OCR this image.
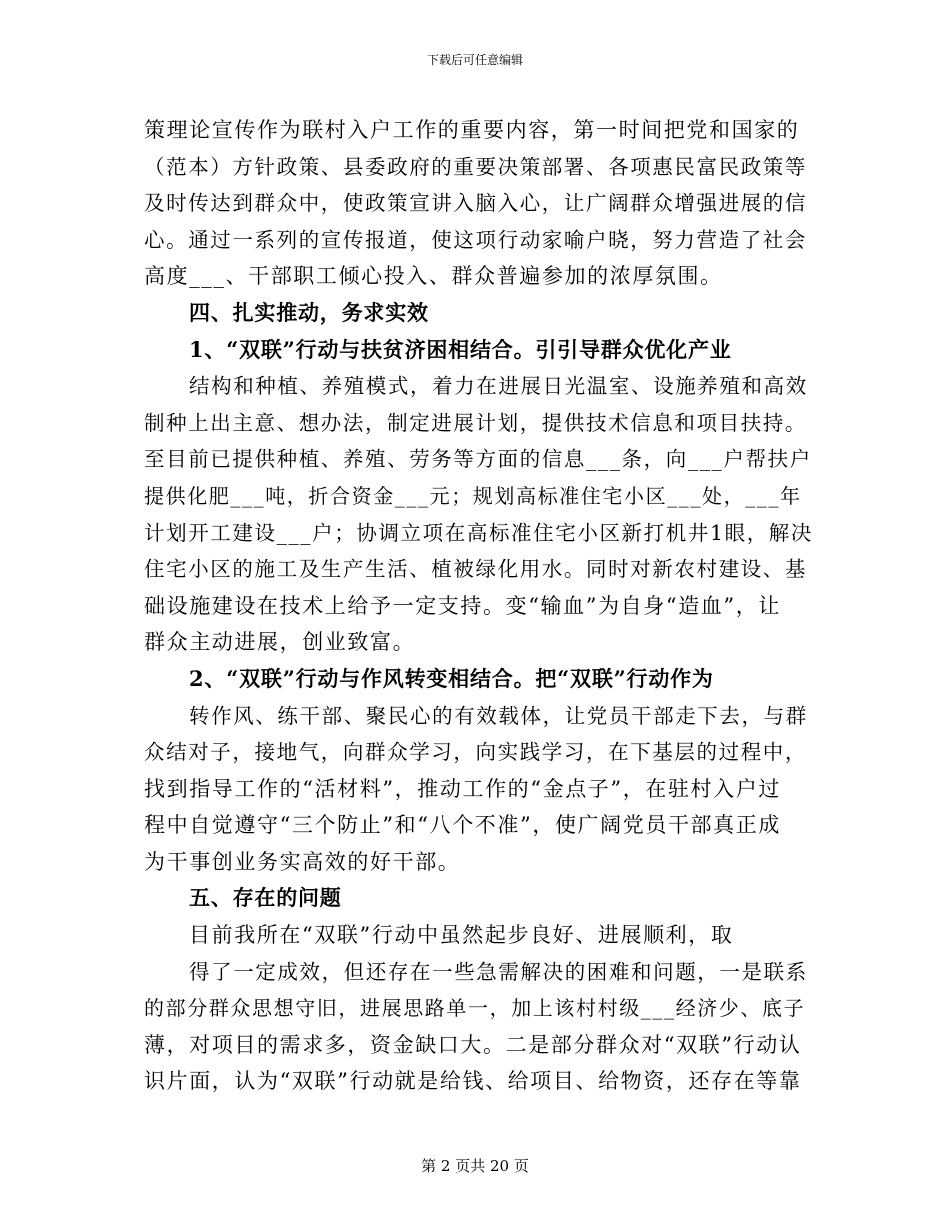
下载后可任意编辑
策理论宣传作为联村入户工作的重要内容，第一时间把党和国家的
（范本）方针政策、县委政府的重要决策部署、各项惠民富民政策等
及时传达到群众中，使政策宣讲入脑入心，让广阔群众增强进展的信
心。通过一系列的宣传报道，使这项行动家喻户晓，努力营造了社会
高度___、干部职工倾心投入、群众普遍参加的浓厚氛围。
四、扎实推动，务求实效
1、“双联”行动与扶贫济困相结合。引引导群众优化产业
结构和种植、养殖模式，着力在进展日光温室、设施养殖和高效
制种上出主意、想办法，制定进展计划，提供技术信息和项目扶持。
至目前已提供种植、养殖、劳务等方面的信息___条，向___户帮扶户
提供化肥___吨，折合资金___元；规划高标准住宅小区___处，___年
计划开工建设___户；协调立项在高标准住宅小区新打机井1眼，解决
住宅小区的施工及生产生活、植被绿化用水。同时对新农村建设、基
础设施建设在技术上给予一定支持。变“输血”为自身“造血”，让
群众主动进展，创业致富。
2、“双联”行动与作风转变相结合。把“双联”行动作为
转作风、练干部、聚民心的有效载体，让党员干部走下去，与群
众结对子，接地气，向群众学习，向实践学习，在下基层的过程中，
找到指导工作的“活材料”，推动工作的“金点子”，在驻村入户过
程中自觉遵守“三个防止”和“八个不准”，使广阔党员干部真正成
为干事创业务实高效的好干部。
五、存在的问题
目前我所在“双联”行动中虽然起步良好、进展顺利，取
得了一定成效，但还存在一些急需解决的困难和问题，一是联系
的部分群众思想守旧，进展思路单一，加上该村村级___经济少、底子
薄，对项目的需求多，资金缺口大。二是部分群众对“双联”行动认
识片面，认为“双联”行动就是给钱、给项目、给物资，还存在等靠
第 2 页共 20 页
